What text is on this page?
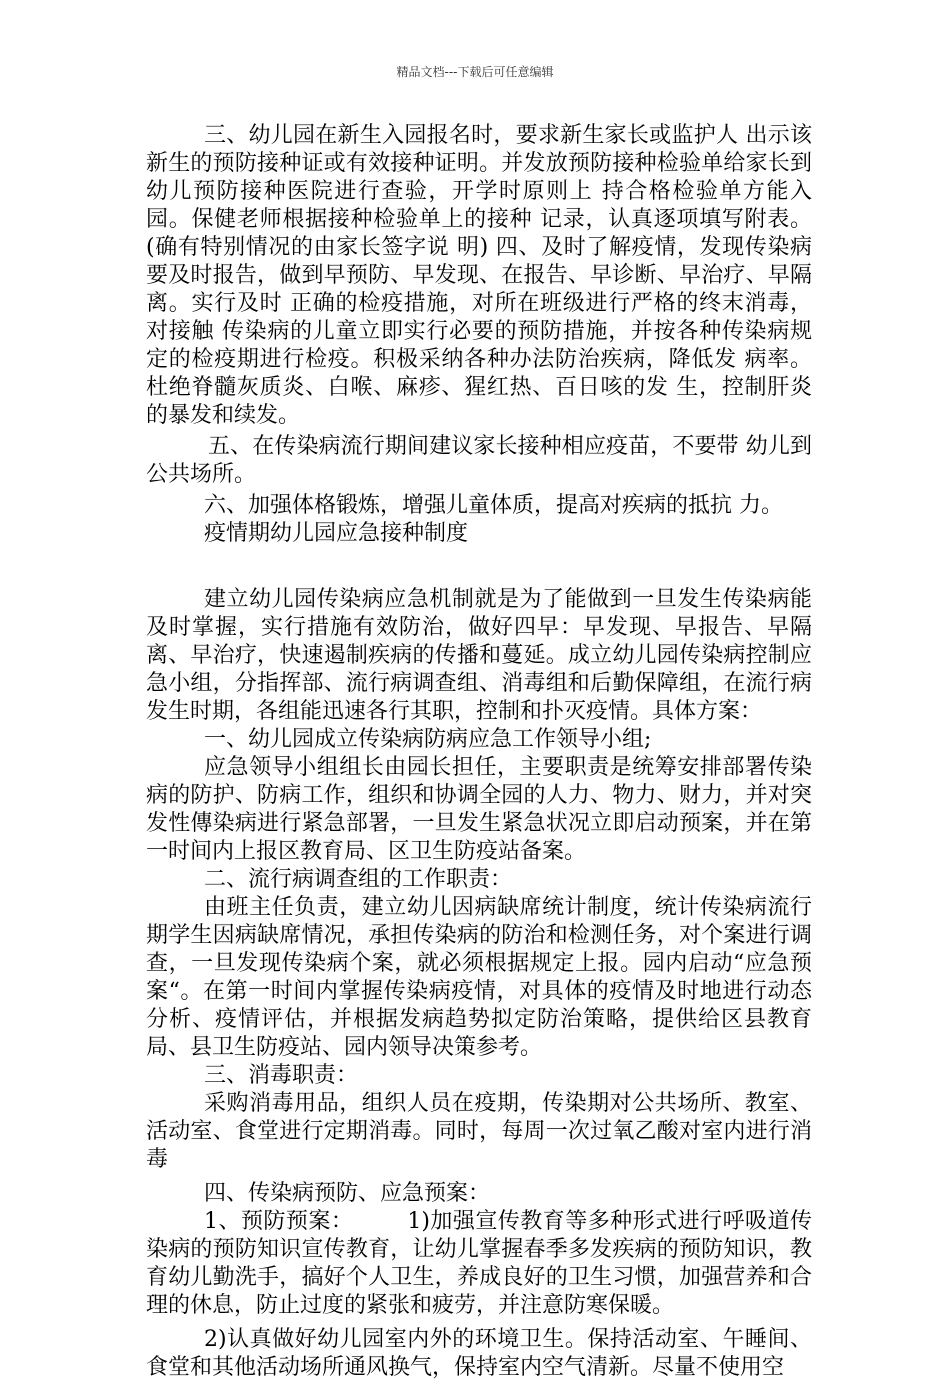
精品文档---下载后可任意编辑

三、幼儿园在新生入园报名时，要求新生家长或监护人 出示该新生的预防接种证或有效接种证明。并发放预防接种检验单给家长到幼儿预防接种医院进行查验，开学时原则上 持合格检验单方能入园。保健老师根据接种检验单上的接种 记录，认真逐项填写附表。(确有特别情况的由家长签字说 明) 四、及时了解疫情，发现传染病要及时报告，做到早预防、早发现、在报告、早诊断、早治疗、早隔离。实行及时 正确的检疫措施，对所在班级进行严格的终末消毒，对接触 传染病的儿童立即实行必要的预防措施，并按各种传染病规定的检疫期进行检疫。积极采纳各种办法防治疾病，降低发 病率。杜绝脊髓灰质炎、白喉、麻疹、猩红热、百日咳的发 生，控制肝炎的暴发和续发。

五、在传染病流行期间建议家长接种相应疫苗，不要带 幼儿到公共场所。

六、加强体格锻炼，增强儿童体质，提高对疾病的抵抗 力。

疫情期幼儿园应急接种制度

建立幼儿园传染病应急机制就是为了能做到一旦发生传染病能及时掌握，实行措施有效防治，做好四早：早发现、早报告、早隔离、早治疗，快速遏制疾病的传播和蔓延。成立幼儿园传染病控制应急小组，分指挥部、流行病调查组、消毒组和后勤保障组，在流行病发生时期，各组能迅速各行其职，控制和扑灭疫情。具体方案：

一、幼儿园成立传染病防病应急工作领导小组;

应急领导小组组长由园长担任，主要职责是统筹安排部署传染病的防护、防病工作，组织和协调全园的人力、物力、财力，并对突发性傳染病进行紧急部署，一旦发生紧急状况立即启动预案，并在第一时间内上报区教育局、区卫生防疫站备案。

二、流行病调查组的工作职责：

由班主任负责，建立幼儿因病缺席统计制度，统计传染病流行期学生因病缺席情况，承担传染病的防治和检测任务，对个案进行调查，一旦发现传染病个案，就必须根据规定上报。园内启动“应急预案“。在第一时间内掌握传染病疫情，对具体的疫情及时地进行动态分析、疫情评估，并根据发病趋势拟定防治策略，提供给区县教育局、县卫生防疫站、园内领导决策参考。

三、消毒职责：

采购消毒用品，组织人员在疫期，传染期对公共场所、教室、活动室、食堂进行定期消毒。同时，每周一次过氧乙酸对室内进行消毒

四、传染病预防、应急预案：

1、预防预案： 1)加强宣传教育等多种形式进行呼吸道传染病的预防知识宣传教育，让幼儿掌握春季多发疾病的预防知识，教育幼儿勤洗手，搞好个人卫生，养成良好的卫生习惯，加强营养和合理的休息，防止过度的紧张和疲劳，并注意防寒保暖。

2)认真做好幼儿园室内外的环境卫生。保持活动室、午睡间、食堂和其他活动场所通风换气，保持室内空气清新。尽量不使用空
